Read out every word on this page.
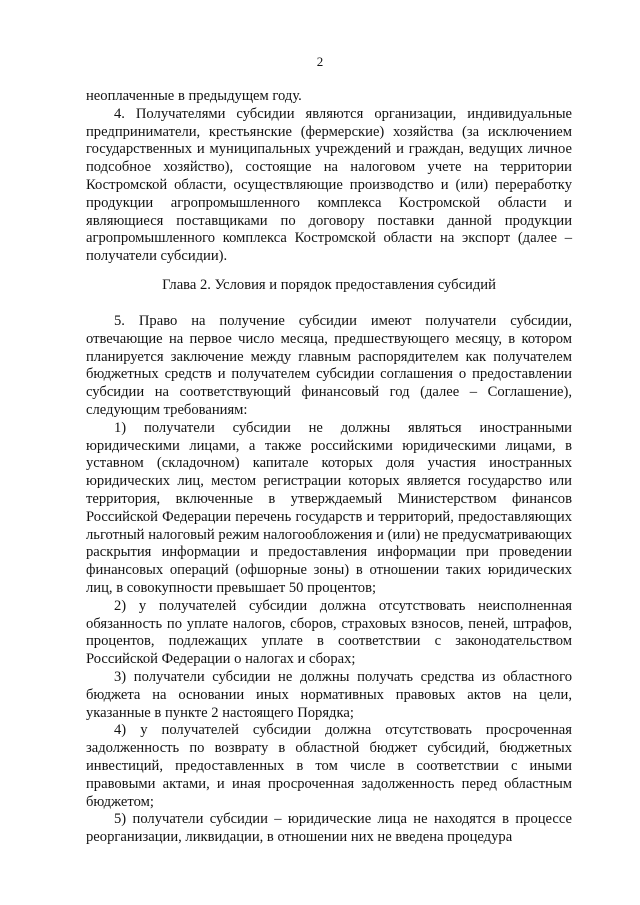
2

неоплаченные в предыдущем году.

4. Получателями субсидии являются организации, индивидуальные предприниматели, крестьянские (фермерские) хозяйства (за исключением государственных и муниципальных учреждений и граждан, ведущих личное подсобное хозяйство), состоящие на налоговом учете на территории Костромской области, осуществляющие производство и (или) переработку продукции агропромышленного комплекса Костромской области и являющиеся поставщиками по договору поставки данной продукции агропромышленного комплекса Костромской области на экспорт (далее – получатели субсидии).

Глава 2. Условия и порядок предоставления субсидий

5. Право на получение субсидии имеют получатели субсидии, отвечающие на первое число месяца, предшествующего месяцу, в котором планируется заключение между главным распорядителем как получателем бюджетных средств и получателем субсидии соглашения о предоставлении субсидии на соответствующий финансовый год (далее – Соглашение), следующим требованиям:

1) получатели субсидии не должны являться иностранными юридическими лицами, а также российскими юридическими лицами, в уставном (складочном) капитале которых доля участия иностранных юридических лиц, местом регистрации которых является государство или территория, включенные в утверждаемый Министерством финансов Российской Федерации перечень государств и территорий, предоставляющих льготный налоговый режим налогообложения и (или) не предусматривающих раскрытия информации и предоставления информации при проведении финансовых операций (офшорные зоны) в отношении таких юридических лиц, в совокупности превышает 50 процентов;

2) у получателей субсидии должна отсутствовать неисполненная обязанность по уплате налогов, сборов, страховых взносов, пеней, штрафов, процентов, подлежащих уплате в соответствии с законодательством Российской Федерации о налогах и сборах;

3) получатели субсидии не должны получать средства из областного бюджета на основании иных нормативных правовых актов на цели, указанные в пункте 2 настоящего Порядка;

4) у получателей субсидии должна отсутствовать просроченная задолженность по возврату в областной бюджет субсидий, бюджетных инвестиций, предоставленных в том числе в соответствии с иными правовыми актами, и иная просроченная задолженность перед областным бюджетом;

5) получатели субсидии – юридические лица не находятся в процессе реорганизации, ликвидации, в отношении них не введена процедура
